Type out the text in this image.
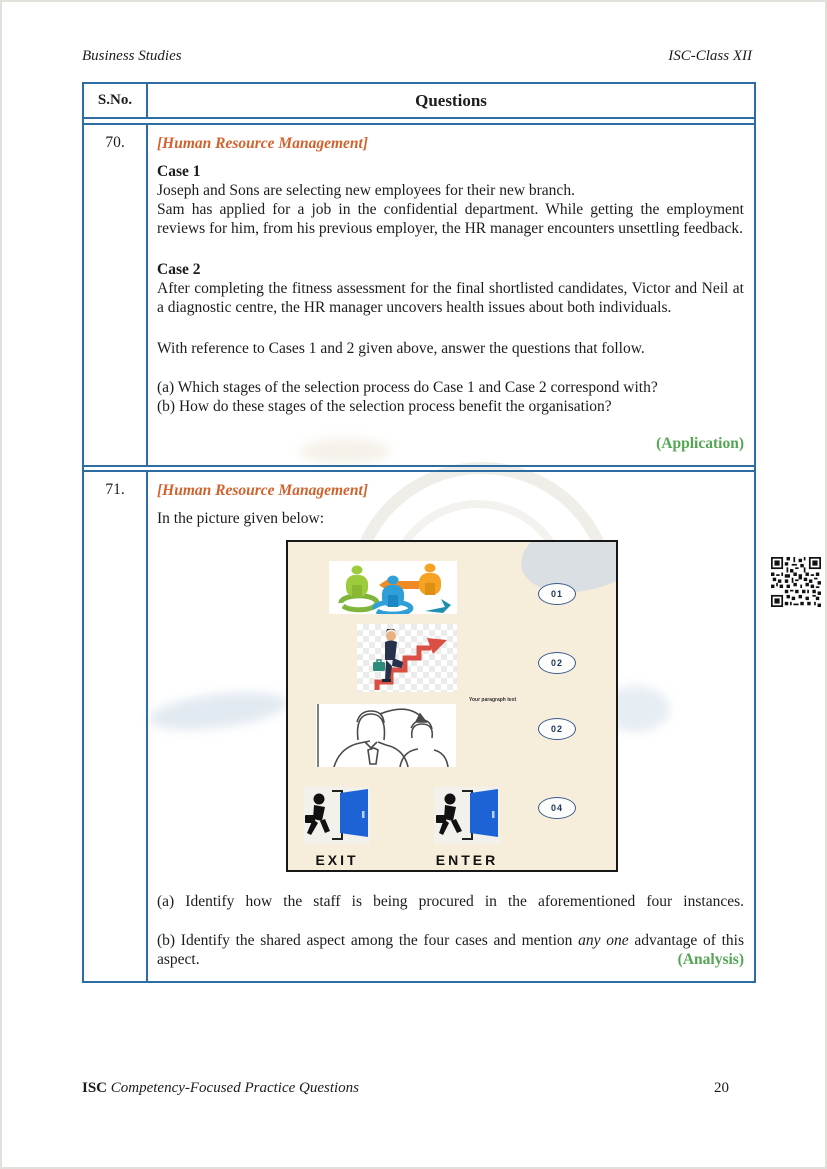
Business Studies	ISC-Class XII
S.No.	Questions
70.	[Human Resource Management]

Case 1

Joseph and Sons are selecting new employees for their new branch.

Sam has applied for a job in the confidential department. While getting the employment reviews for him, from his previous employer, the HR manager encounters unsettling feedback.

Case 2

After completing the fitness assessment for the final shortlisted candidates, Victor and Neil at a diagnostic centre, the HR manager uncovers health issues about both individuals.

With reference to Cases 1 and 2 given above, answer the questions that follow.

(a) Which stages of the selection process do Case 1 and Case 2 correspond with?

(b) How do these stages of the selection process benefit the organisation?

(Application)

71.	[Human Resource Management]

In the picture given below:

Your paragraph text
EXIT	ENTER
01
02
02
04

(a) Identify how the staff is being procured in the aforementioned four instances.

(b) Identify the shared aspect among the four cases and mention any one advantage of this aspect.	(Analysis)
ISC Competency-Focused Practice Questions	20
